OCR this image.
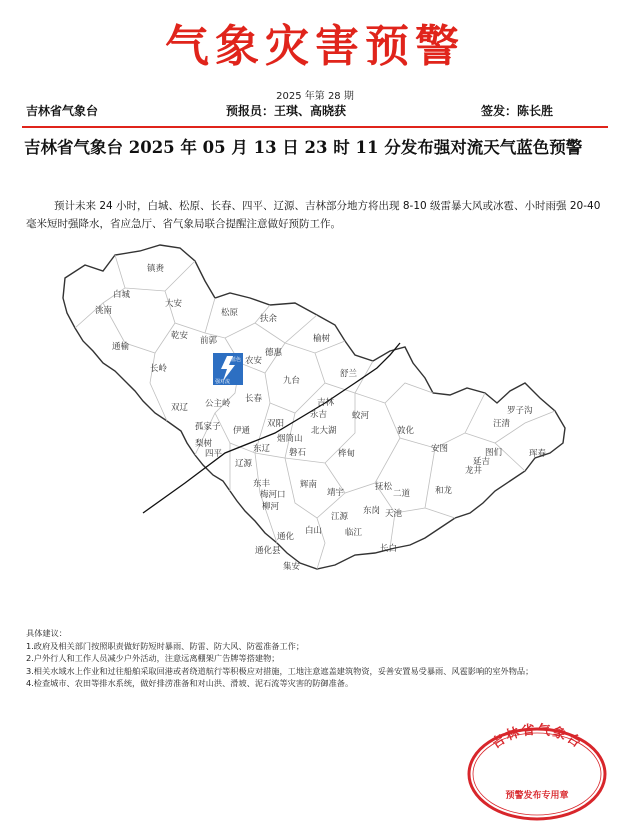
气象灾害预警
2025 年第 28 期
吉林省气象台	预报员：王琪、高晓获	签发：陈长胜
吉林省气象台 2025 年 05 月 13 日 23 时 11 分发布强对流天气蓝色预警
预计未来 24 小时，白城、松原、长春、四平、辽源、吉林部分地方将出现 8-10 级雷暴大风或冰雹、小时雨强 20-40 毫米短时强降水，省应急厅、省气象局联合提醒注意做好预防工作。
蓝色
强对流
镇赉
白城
洮南
大安
通榆
乾安
松原
扶余
前郭
长岭
农安
德惠
榆树
九台
舒兰
双辽 公主岭 长春	吉林
永吉	蛟河
孤家子 伊通
双阳
烟筒山
北大湖	敦化
梨树
四平	磐石	桦甸	安图
汪清
罗子沟
东辽
辽源	延吉
图们	珲春
东丰
梅河口
辉南
靖宇
抚松
二道
龙井
和龙
柳河
江源
东岗 天池
通化
白山	临江
长白
通化县
集安
具体建议：
1.政府及相关部门按照职责做好防短时暴雨、防雷、防大风、防雹准备工作；
2.户外行人和工作人员减少户外活动，注意远离棚架广告牌等搭建物；
3.相关水域水上作业和过往船舶采取回港或者绕道航行等积极应对措施，工地注意遮盖建筑物资，妥善安置易受暴雨、风雹影响的室外物品；
4.检查城市、农田等排水系统，做好排涝准备和对山洪、滑坡、泥石流等灾害的防御准备。
吉林省气象台
预警发布专用章
